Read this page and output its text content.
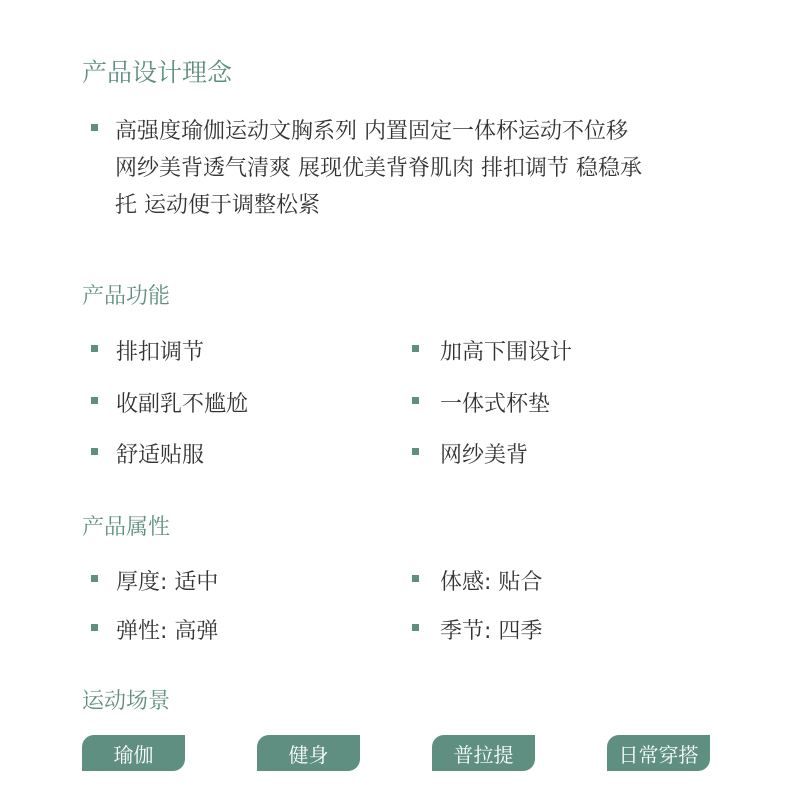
产品设计理念
高强度瑜伽运动文胸系列 内置固定一体杯运动不位移
网纱美背透气清爽 展现优美背脊肌肉 排扣调节 稳稳承
托 运动便于调整松紧
产品功能
排扣调节	加高下围设计
收副乳不尴尬	一体式杯垫
舒适贴服	网纱美背
产品属性
厚度: 适中	体感: 贴合
弹性: 高弹	季节: 四季
运动场景
瑜伽	健身	普拉提	日常穿搭
